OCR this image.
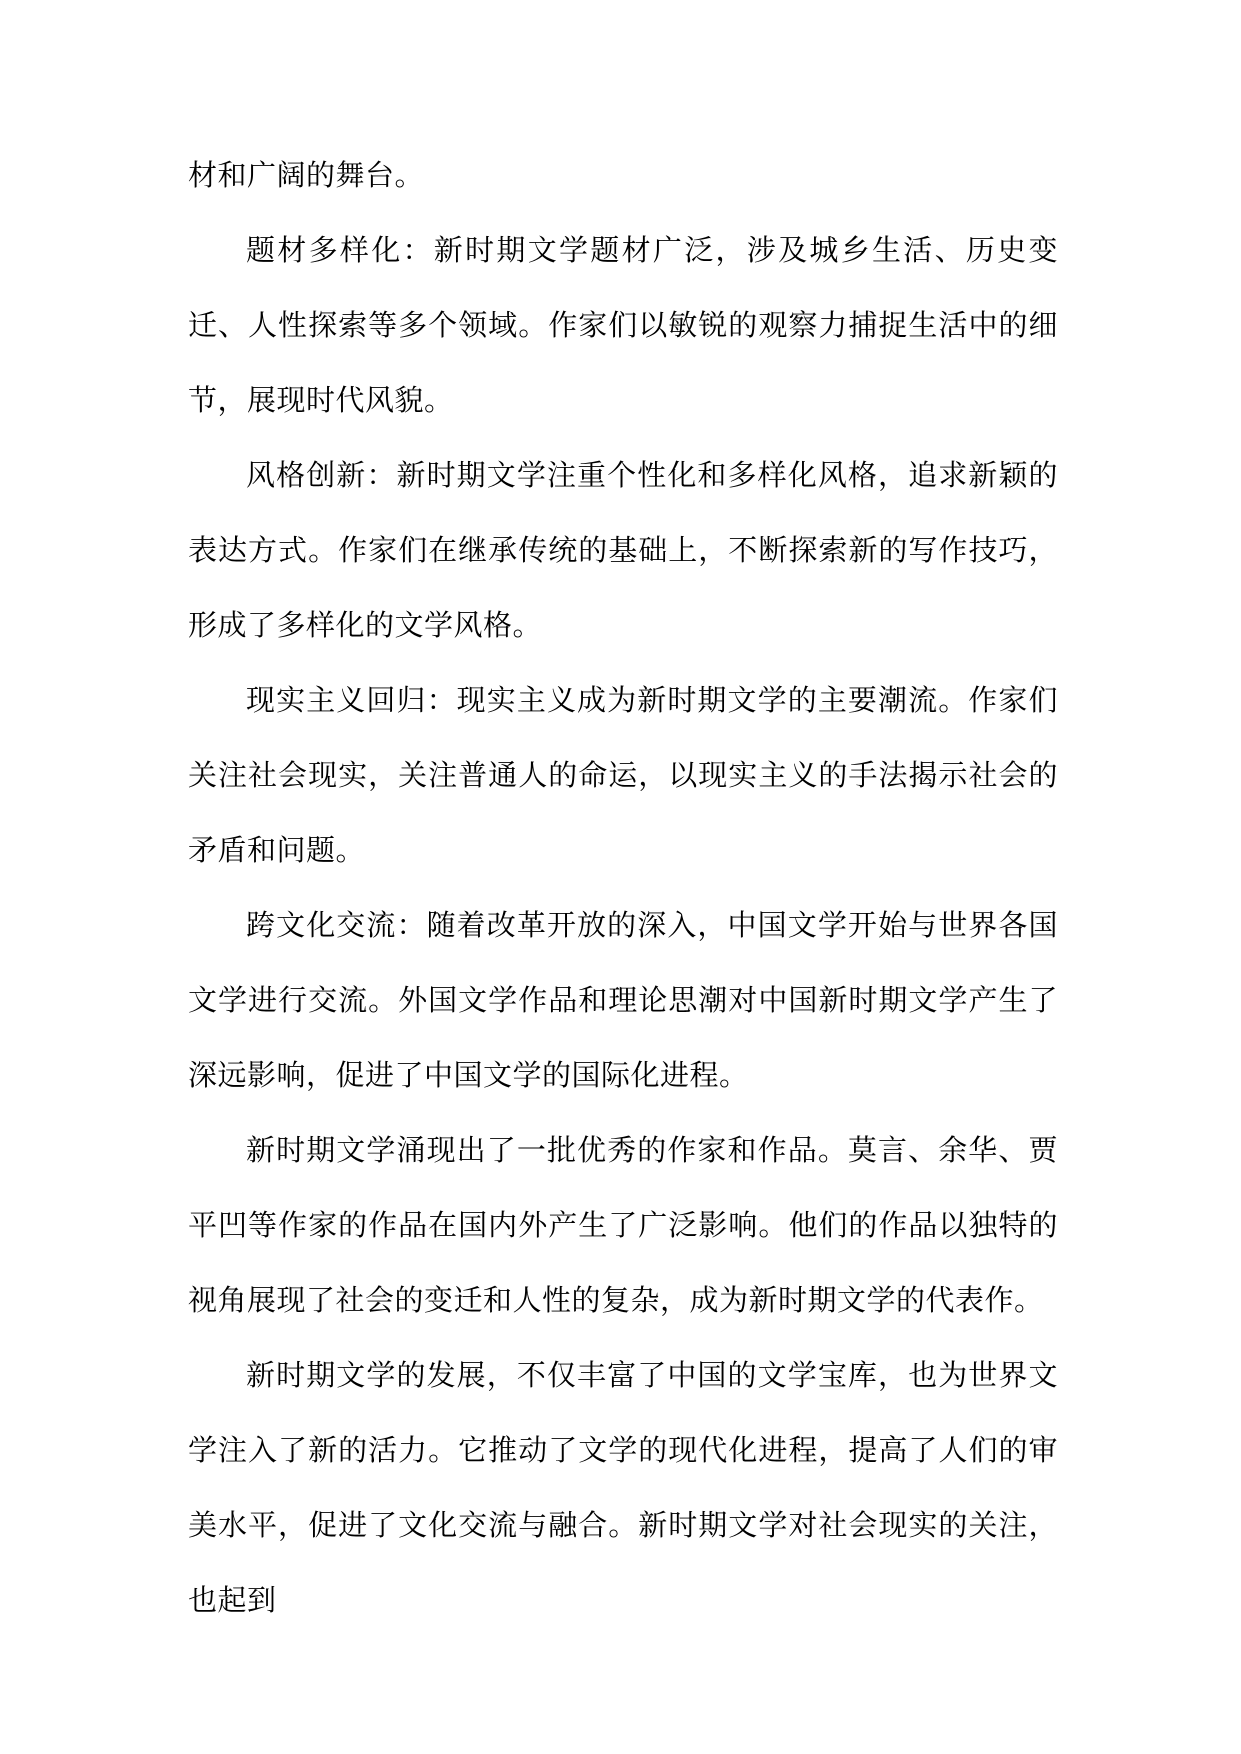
材和广阔的舞台。

题材多样化：新时期文学题材广泛，涉及城乡生活、历史变迁、人性探索等多个领域。作家们以敏锐的观察力捕捉生活中的细节，展现时代风貌。

风格创新：新时期文学注重个性化和多样化风格，追求新颖的表达方式。作家们在继承传统的基础上，不断探索新的写作技巧，形成了多样化的文学风格。

现实主义回归：现实主义成为新时期文学的主要潮流。作家们关注社会现实，关注普通人的命运，以现实主义的手法揭示社会的矛盾和问题。

跨文化交流：随着改革开放的深入，中国文学开始与世界各国文学进行交流。外国文学作品和理论思潮对中国新时期文学产生了深远影响，促进了中国文学的国际化进程。

新时期文学涌现出了一批优秀的作家和作品。莫言、余华、贾平凹等作家的作品在国内外产生了广泛影响。他们的作品以独特的视角展现了社会的变迁和人性的复杂，成为新时期文学的代表作。

新时期文学的发展，不仅丰富了中国的文学宝库，也为世界文学注入了新的活力。它推动了文学的现代化进程，提高了人们的审美水平，促进了文化交流与融合。新时期文学对社会现实的关注，也起到
